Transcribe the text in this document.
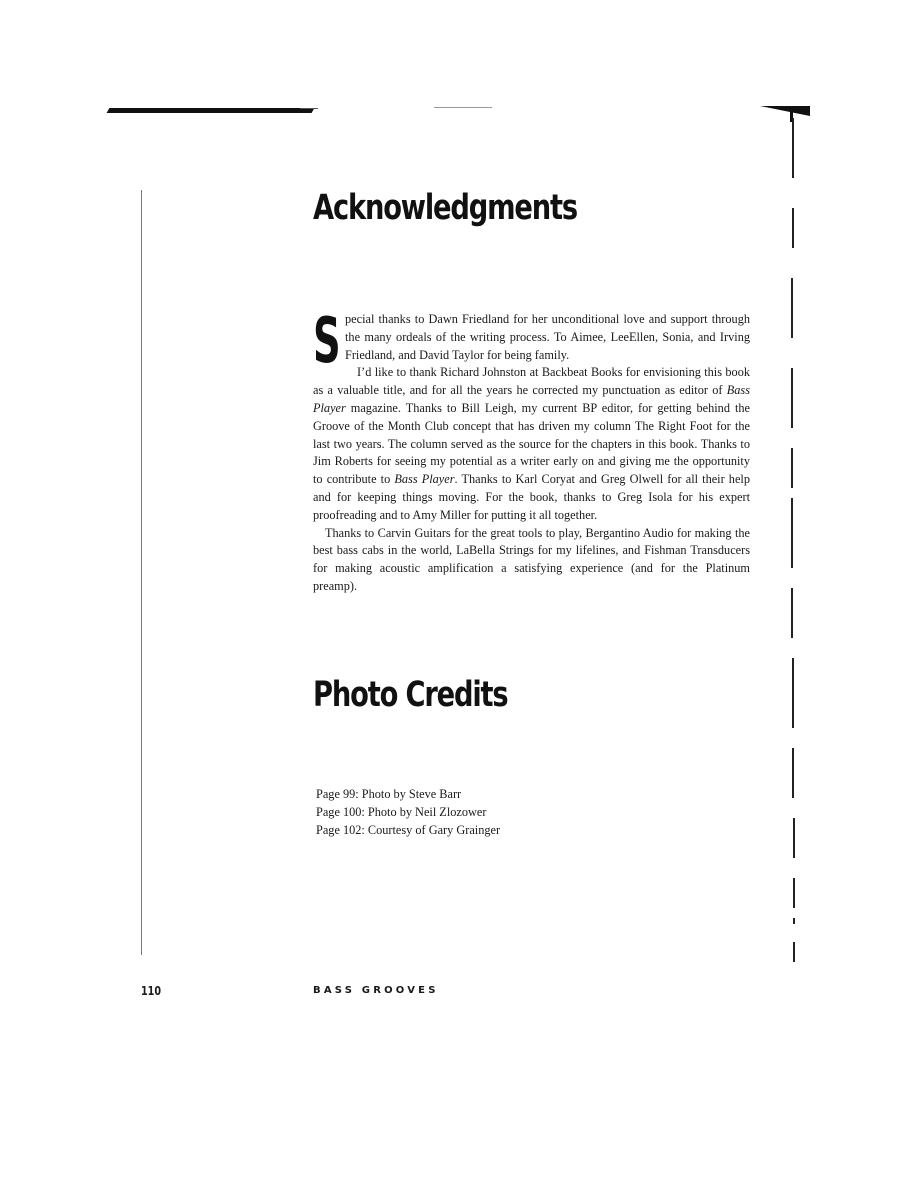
Acknowledgments

Special thanks to Dawn Friedland for her unconditional love and support through the many ordeals of the writing process. To Aimee, LeeEllen, Sonia, and Irving Friedland, and David Taylor for being family.

I’d like to thank Richard Johnston at Backbeat Books for envisioning this book as a valuable title, and for all the years he corrected my punctuation as editor of Bass Player magazine. Thanks to Bill Leigh, my current BP editor, for getting behind the Groove of the Month Club concept that has driven my column The Right Foot for the last two years. The column served as the source for the chapters in this book. Thanks to Jim Roberts for seeing my potential as a writer early on and giving me the opportunity to contribute to Bass Player. Thanks to Karl Coryat and Greg Olwell for all their help and for keeping things moving. For the book, thanks to Greg Isola for his expert proofreading and to Amy Miller for putting it all together.

Thanks to Carvin Guitars for the great tools to play, Bergantino Audio for making the best bass cabs in the world, LaBella Strings for my lifelines, and Fishman Transducers for making acoustic amplification a satisfying experience (and for the Platinum preamp).

Photo Credits
Page 99: Photo by Steve Barr
Page 100: Photo by Neil Zlozower
Page 102: Courtesy of Gary Grainger
110	BASS GROOVES
